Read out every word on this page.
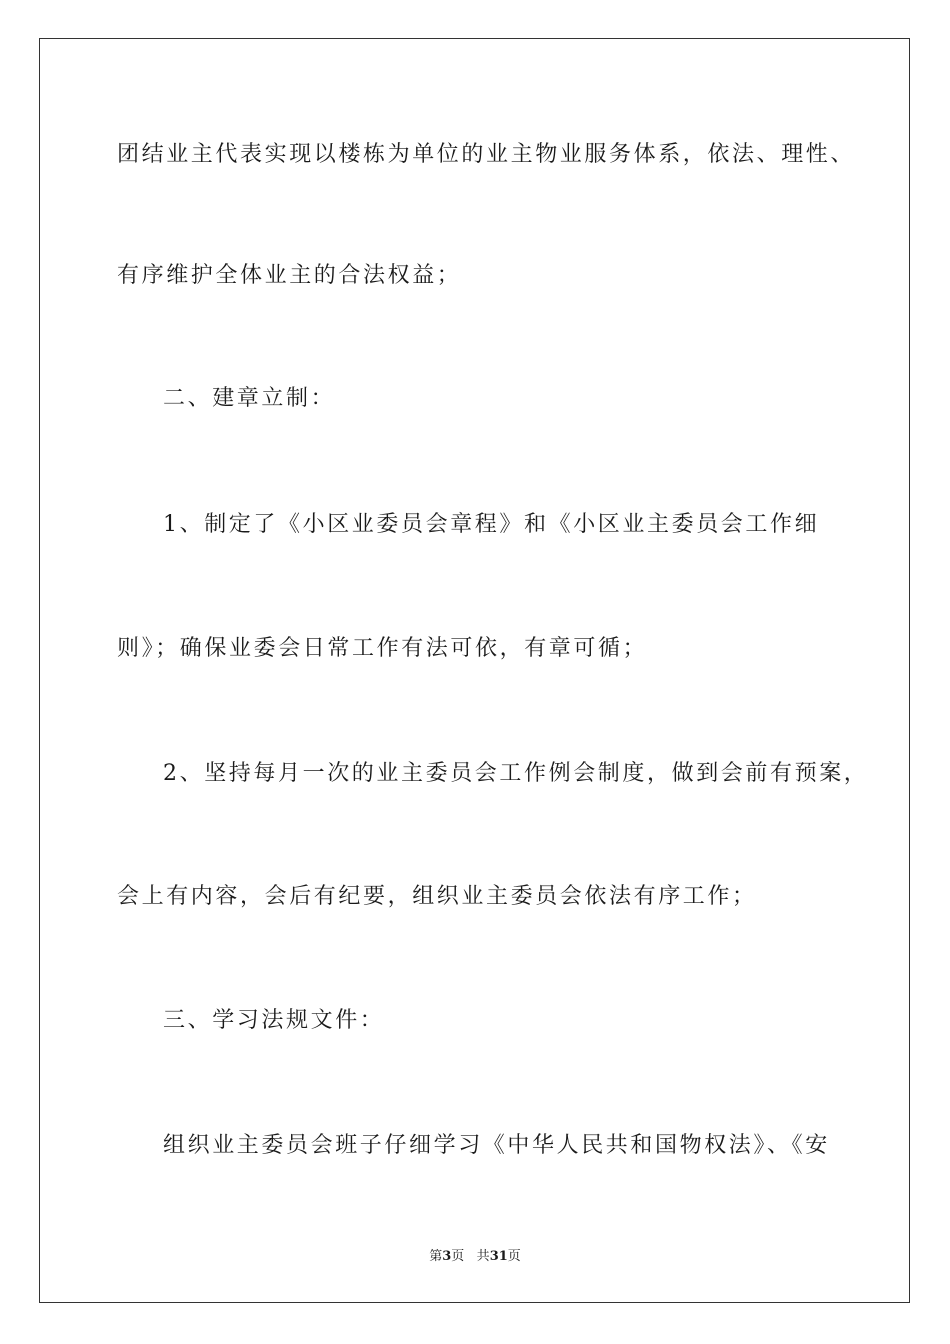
团结业主代表实现以楼栋为单位的业主物业服务体系，依法、理性、
有序维护全体业主的合法权益；
二、建章立制：
1、制定了《小区业委员会章程》和《小区业主委员会工作细
则》；确保业委会日常工作有法可依，有章可循；
2、坚持每月一次的业主委员会工作例会制度，做到会前有预案，
会上有内容，会后有纪要，组织业主委员会依法有序工作；
三、学习法规文件：
组织业主委员会班子仔细学习《中华人民共和国物权法》、《安
第3页 共31页
